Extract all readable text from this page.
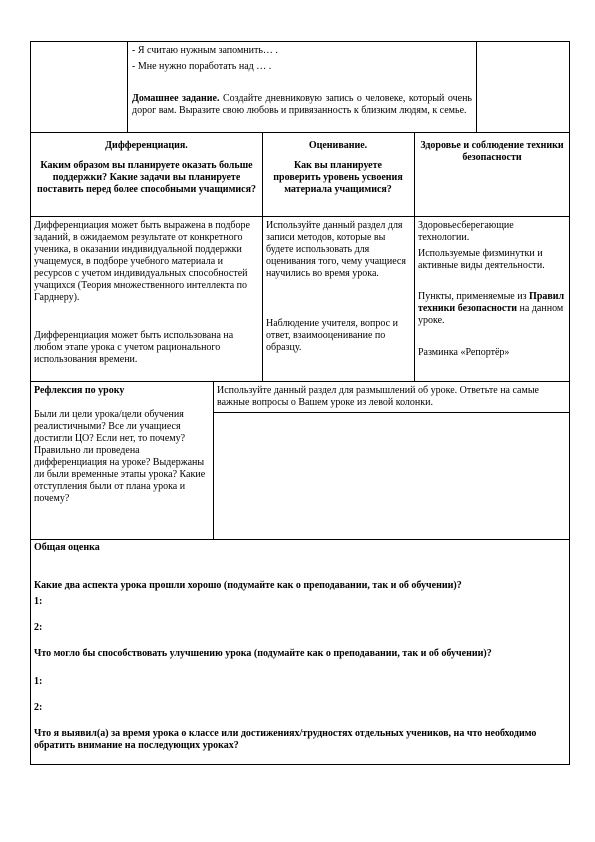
- Я считаю нужным запомнить… .
- Мне нужно поработать над … .

Домашнее задание. Создайте дневниковую запись о человеке, который очень дорог вам. Выразите свою любовь и привязанность к близким людям, к семье.

Дифференциация.
Каким образом вы планируете оказать больше поддержки? Какие задачи вы планируете поставить перед более способными учащимися?
Оценивание.
Как вы планируете проверить уровень усвоения материала учащимися?
Здоровье и соблюдение техники безопасности

Дифференциация может быть выражена в подборе заданий, в ожидаемом результате от конкретного ученика, в оказании индивидуальной поддержки учащемуся, в подборе учебного материала и ресурсов с учетом индивидуальных способностей учащихся (Теория множественного интеллекта по Гарднеру).

Дифференциация может быть использована на любом этапе урока с учетом рационального использования времени.

Используйте данный раздел для записи методов, которые вы будете использовать для оценивания того, чему учащиеся научились во время урока.

Наблюдение учителя, вопрос и ответ, взаимооценивание по образцу.

Здоровьесберегающие технологии.

Используемые физминутки и активные виды деятельности.

Пункты, применяемые из Правил техники безопасности на данном уроке.

Разминка «Репортёр»

Рефлексия по уроку

Были ли цели урока/цели обучения реалистичными? Все ли учащиеся достигли ЦО? Если нет, то почему? Правильно ли проведена дифференциация на уроке? Выдержаны ли были временные этапы урока? Какие отступления были от плана урока и почему?

Используйте данный раздел для размышлений об уроке. Ответьте на самые важные вопросы о Вашем уроке из левой колонки.

Общая оценка

Какие два аспекта урока прошли хорошо (подумайте как о преподавании, так и об обучении)?

1:
2:

Что могло бы способствовать улучшению урока (подумайте как о преподавании, так и об обучении)?

1:
2:

Что я выявил(а) за время урока о классе или достижениях/трудностях отдельных учеников, на что необходимо обратить внимание на последующих уроках?
